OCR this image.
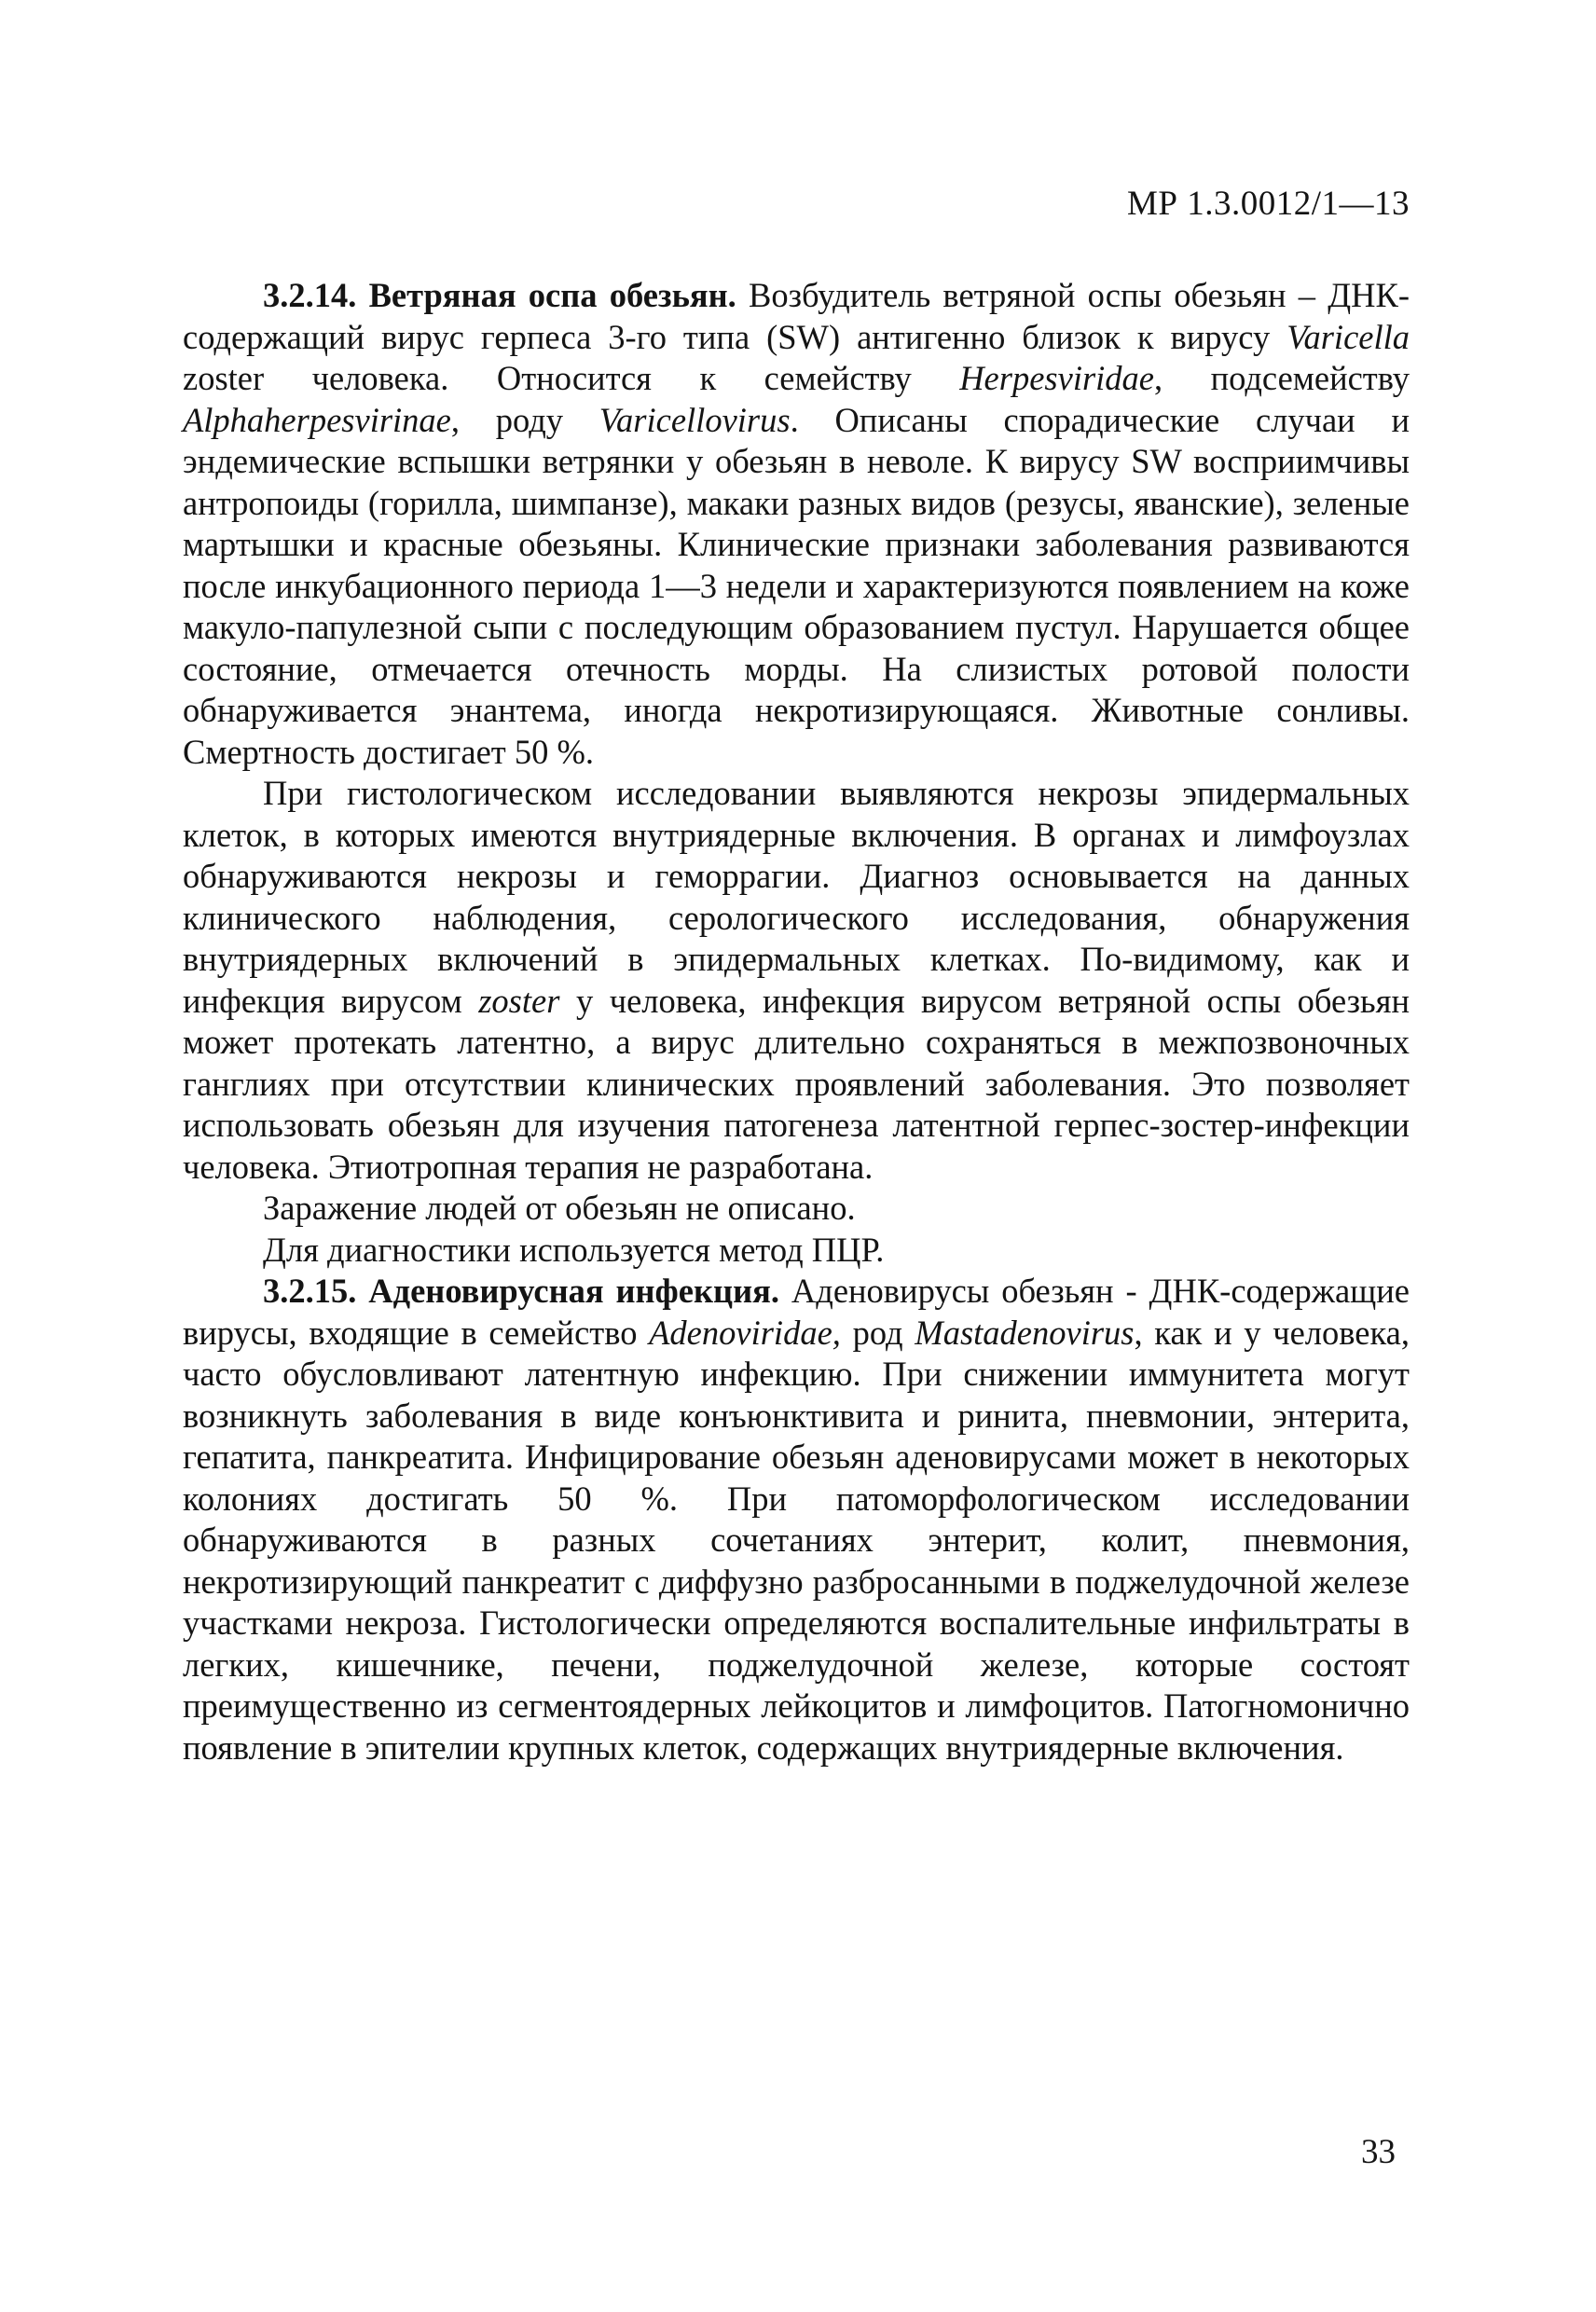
МР 1.3.0012/1—13

3.2.14. Ветряная оспа обезьян. Возбудитель ветряной оспы обезьян – ДНК-содержащий вирус герпеса 3-го типа (SW) антигенно близок к вирусу Varicella zoster человека. Относится к семейству Herpesviridae, подсемейству Alphaherpesvirinae, роду Varicellovirus. Описаны спорадические случаи и эндемические вспышки ветрянки у обезьян в неволе. К вирусу SW восприимчивы антропоиды (горилла, шимпанзе), макаки разных видов (резусы, яванские), зеленые мартышки и красные обезьяны. Клинические признаки заболевания развиваются после инкубационного периода 1—3 недели и характеризуются появлением на коже макуло-папулезной сыпи с последующим образованием пустул. Нарушается общее состояние, отмечается отечность морды. На слизистых ротовой полости обнаруживается энантема, иногда некротизирующаяся. Животные сонливы. Смертность достигает 50 %.

При гистологическом исследовании выявляются некрозы эпидермальных клеток, в которых имеются внутриядерные включения. В органах и лимфоузлах обнаруживаются некрозы и геморрагии. Диагноз основывается на данных клинического наблюдения, серологического исследования, обнаружения внутриядерных включений в эпидермальных клетках. По-видимому, как и инфекция вирусом zoster у человека, инфекция вирусом ветряной оспы обезьян может протекать латентно, а вирус длительно сохраняться в межпозвоночных ганглиях при отсутствии клинических проявлений заболевания. Это позволяет использовать обезьян для изучения патогенеза латентной герпес-зостер-инфекции человека. Этиотропная терапия не разработана.

Заражение людей от обезьян не описано.

Для диагностики используется метод ПЦР.

3.2.15. Аденовирусная инфекция. Аденовирусы обезьян - ДНК-содержащие вирусы, входящие в семейство Adenoviridae, род Mastadenovirus, как и у человека, часто обусловливают латентную инфекцию. При снижении иммунитета могут возникнуть заболевания в виде конъюнктивита и ринита, пневмонии, энтерита, гепатита, панкреатита. Инфицирование обезьян аденовирусами может в некоторых колониях достигать 50 %. При патоморфологическом исследовании обнаруживаются в разных сочетаниях энтерит, колит, пневмония, некротизирующий панкреатит с диффузно разбросанными в поджелудочной железе участками некроза. Гистологически определяются воспалительные инфильтраты в легких, кишечнике, печени, поджелудочной железе, которые состоят преимущественно из сегментоядерных лейкоцитов и лимфоцитов. Патогномонично появление в эпителии крупных клеток, содержащих внутриядерные включения.

33
